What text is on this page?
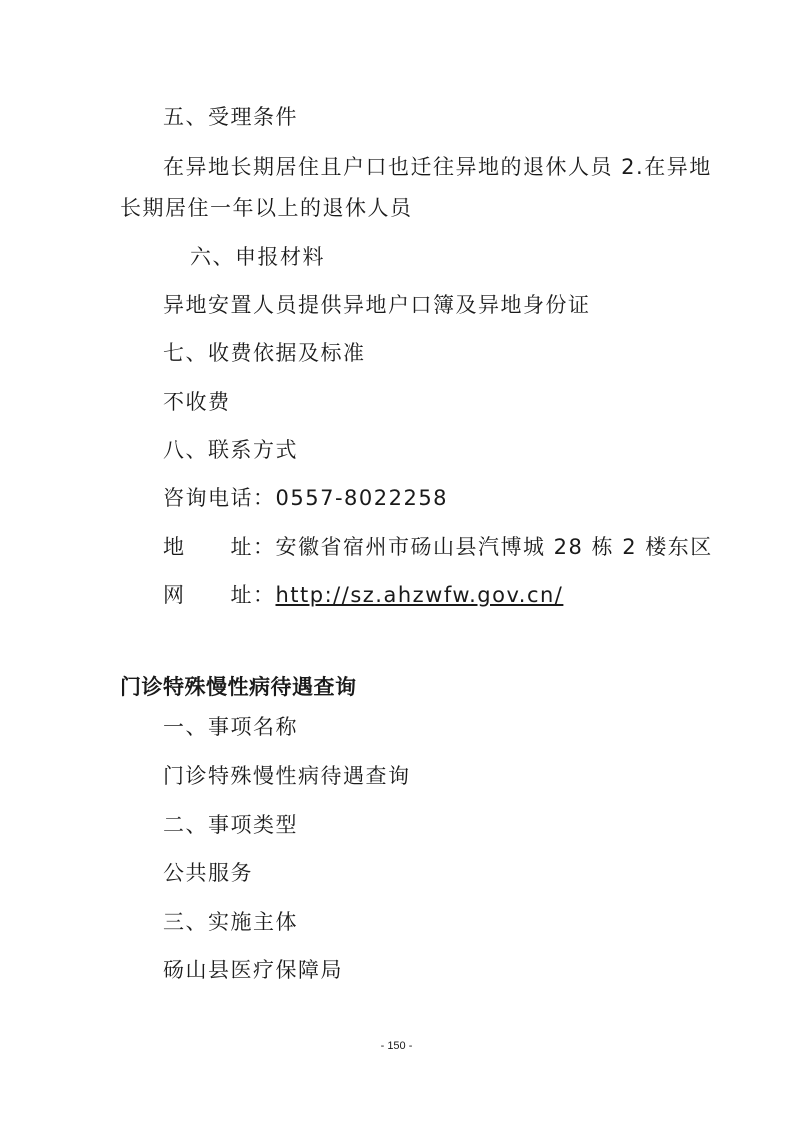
五、受理条件
在异地长期居住且户口也迁往异地的退休人员 2.在异地
长期居住一年以上的退休人员
六、申报材料
异地安置人员提供异地户口簿及异地身份证
七、收费依据及标准
不收费
八、联系方式
咨询电话：0557-8022258
地　　址：安徽省宿州市砀山县汽博城 28 栋 2 楼东区
网　　址：http://sz.ahzwfw.gov.cn/
门诊特殊慢性病待遇查询
一、事项名称
门诊特殊慢性病待遇查询
二、事项类型
公共服务
三、实施主体
砀山县医疗保障局
- 150 -
